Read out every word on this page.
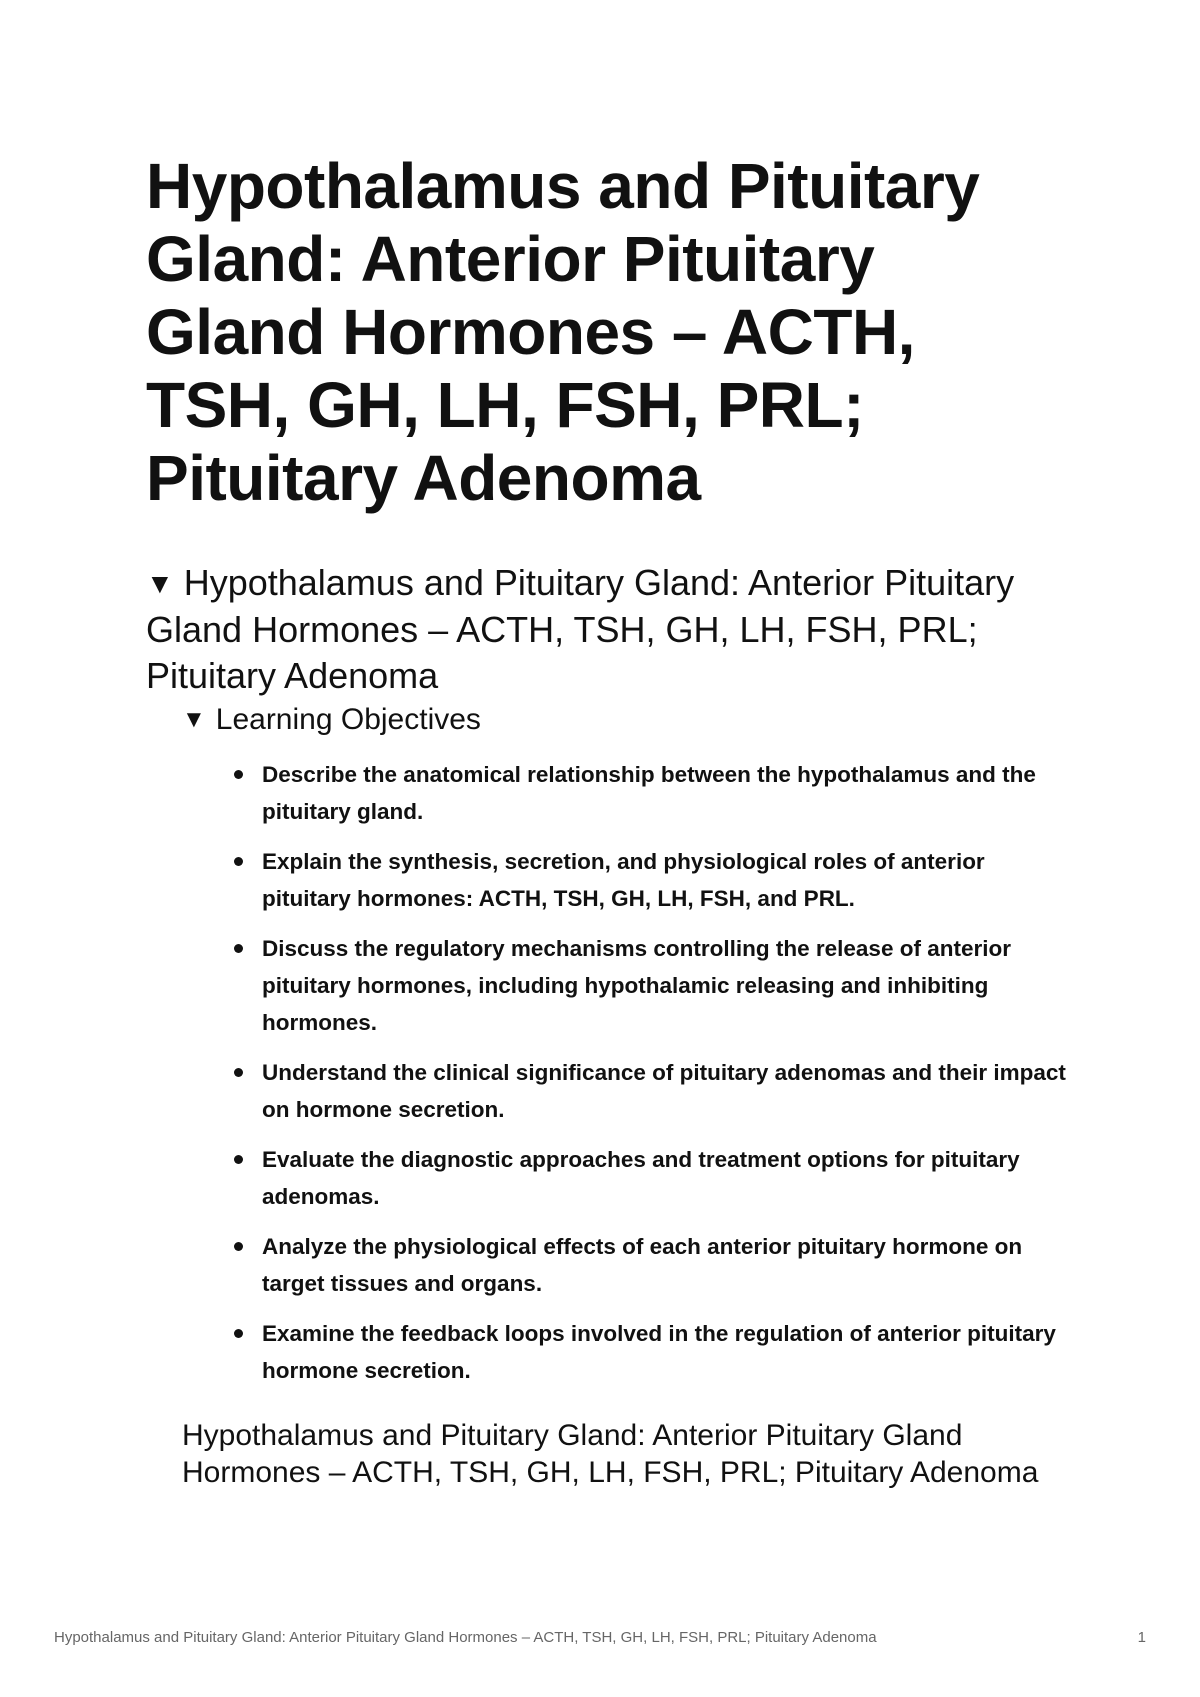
Hypothalamus and Pituitary Gland: Anterior Pituitary Gland Hormones – ACTH, TSH, GH, LH, FSH, PRL; Pituitary Adenoma
▼ Hypothalamus and Pituitary Gland: Anterior Pituitary Gland Hormones – ACTH, TSH, GH, LH, FSH, PRL; Pituitary Adenoma
▼ Learning Objectives
Describe the anatomical relationship between the hypothalamus and the pituitary gland.
Explain the synthesis, secretion, and physiological roles of anterior pituitary hormones: ACTH, TSH, GH, LH, FSH, and PRL.
Discuss the regulatory mechanisms controlling the release of anterior pituitary hormones, including hypothalamic releasing and inhibiting hormones.
Understand the clinical significance of pituitary adenomas and their impact on hormone secretion.
Evaluate the diagnostic approaches and treatment options for pituitary adenomas.
Analyze the physiological effects of each anterior pituitary hormone on target tissues and organs.
Examine the feedback loops involved in the regulation of anterior pituitary hormone secretion.
Hypothalamus and Pituitary Gland: Anterior Pituitary Gland Hormones – ACTH, TSH, GH, LH, FSH, PRL; Pituitary Adenoma
Hypothalamus and Pituitary Gland: Anterior Pituitary Gland Hormones – ACTH, TSH, GH, LH, FSH, PRL; Pituitary Adenoma	1
